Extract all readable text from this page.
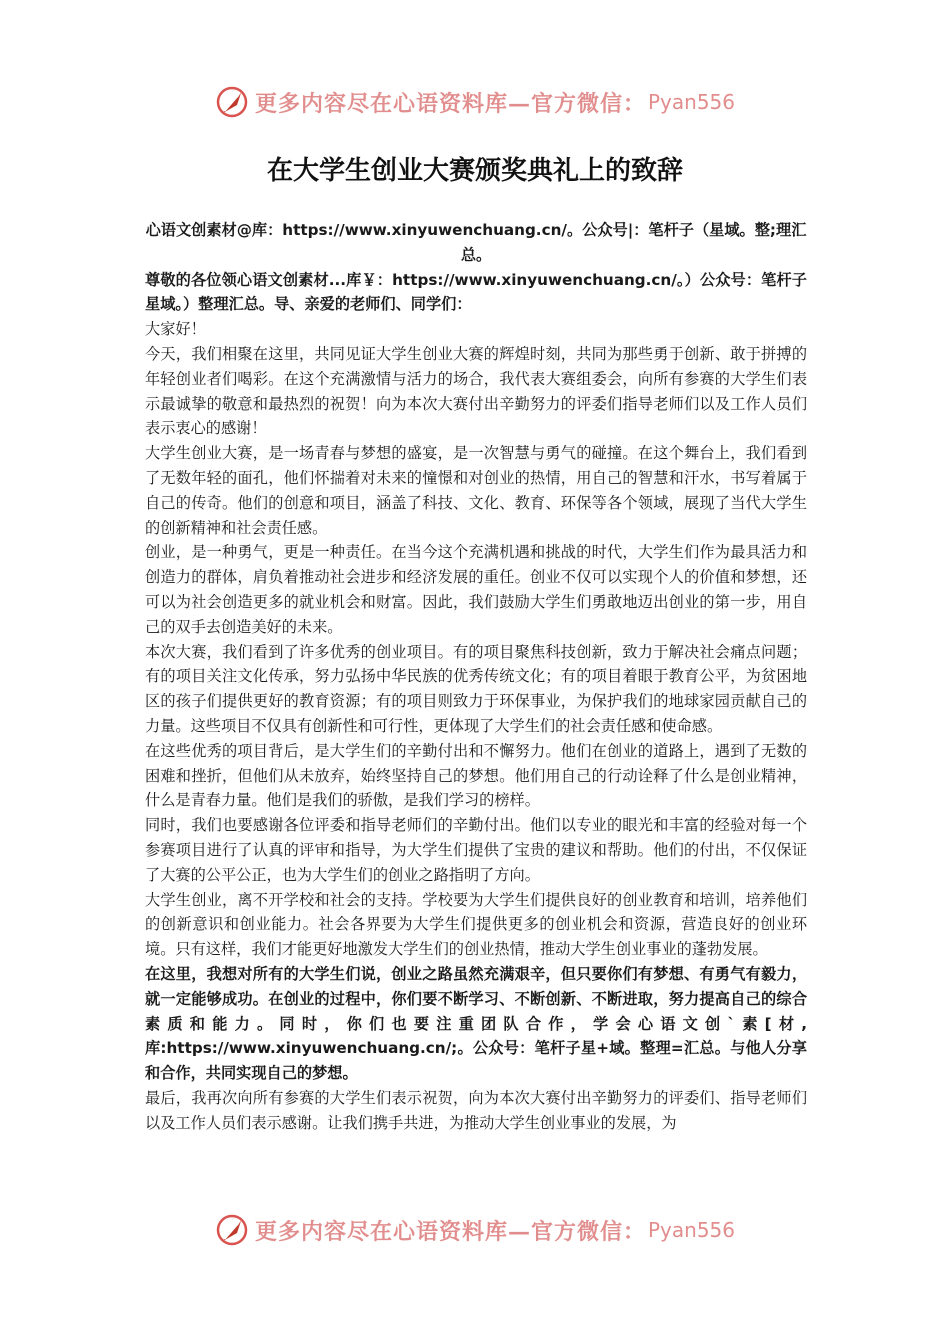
更多内容尽在心语资料库—官方微信： Pyan556
在大学生创业大赛颁奖典礼上的致辞

心语文创素材@库：https://www.xinyuwenchuang.cn/。公众号|：笔杆子（星域。整;理汇总。

尊敬的各位领心语文创素材...库￥：https://www.xinyuwenchuang.cn/。）公众号：笔杆子星域。）整理汇总。导、亲爱的老师们、同学们：

大家好！

今天，我们相聚在这里，共同见证大学生创业大赛的辉煌时刻，共同为那些勇于创新、敢于拼搏的年轻创业者们喝彩。在这个充满激情与活力的场合，我代表大赛组委会，向所有参赛的大学生们表示最诚挚的敬意和最热烈的祝贺！向为本次大赛付出辛勤努力的评委们指导老师们以及工作人员们表示衷心的感谢！

大学生创业大赛，是一场青春与梦想的盛宴，是一次智慧与勇气的碰撞。在这个舞台上，我们看到了无数年轻的面孔，他们怀揣着对未来的憧憬和对创业的热情，用自己的智慧和汗水，书写着属于自己的传奇。他们的创意和项目，涵盖了科技、文化、教育、环保等各个领域，展现了当代大学生的创新精神和社会责任感。

创业，是一种勇气，更是一种责任。在当今这个充满机遇和挑战的时代，大学生们作为最具活力和创造力的群体，肩负着推动社会进步和经济发展的重任。创业不仅可以实现个人的价值和梦想，还可以为社会创造更多的就业机会和财富。因此，我们鼓励大学生们勇敢地迈出创业的第一步，用自己的双手去创造美好的未来。

本次大赛，我们看到了许多优秀的创业项目。有的项目聚焦科技创新，致力于解决社会痛点问题；有的项目关注文化传承，努力弘扬中华民族的优秀传统文化；有的项目着眼于教育公平，为贫困地区的孩子们提供更好的教育资源；有的项目则致力于环保事业，为保护我们的地球家园贡献自己的力量。这些项目不仅具有创新性和可行性，更体现了大学生们的社会责任感和使命感。

在这些优秀的项目背后，是大学生们的辛勤付出和不懈努力。他们在创业的道路上，遇到了无数的困难和挫折，但他们从未放弃，始终坚持自己的梦想。他们用自己的行动诠释了什么是创业精神，什么是青春力量。他们是我们的骄傲，是我们学习的榜样。

同时，我们也要感谢各位评委和指导老师们的辛勤付出。他们以专业的眼光和丰富的经验对每一个参赛项目进行了认真的评审和指导，为大学生们提供了宝贵的建议和帮助。他们的付出，不仅保证了大赛的公平公正，也为大学生们的创业之路指明了方向。

大学生创业，离不开学校和社会的支持。学校要为大学生们提供良好的创业教育和培训，培养他们的创新意识和创业能力。社会各界要为大学生们提供更多的创业机会和资源，营造良好的创业环境。只有这样，我们才能更好地激发大学生们的创业热情，推动大学生创业事业的蓬勃发展。

在这里，我想对所有的大学生们说，创业之路虽然充满艰辛，但只要你们有梦想、有勇气有毅力，就一定能够成功。在创业的过程中，你们要不断学习、不断创新、不断进取，努力提高自己的综合素质和能力。同时，你们也要注重团队合作，学会心语文创`素[材,库:https://www.xinyuwenchuang.cn/;。公众号：笔杆子星+域。整理=汇总。与他人分享和合作，共同实现自己的梦想。

最后，我再次向所有参赛的大学生们表示祝贺，向为本次大赛付出辛勤努力的评委们、指导老师们以及工作人员们表示感谢。让我们携手共进，为推动大学生创业事业的发展，为

更多内容尽在心语资料库—官方微信： Pyan556
